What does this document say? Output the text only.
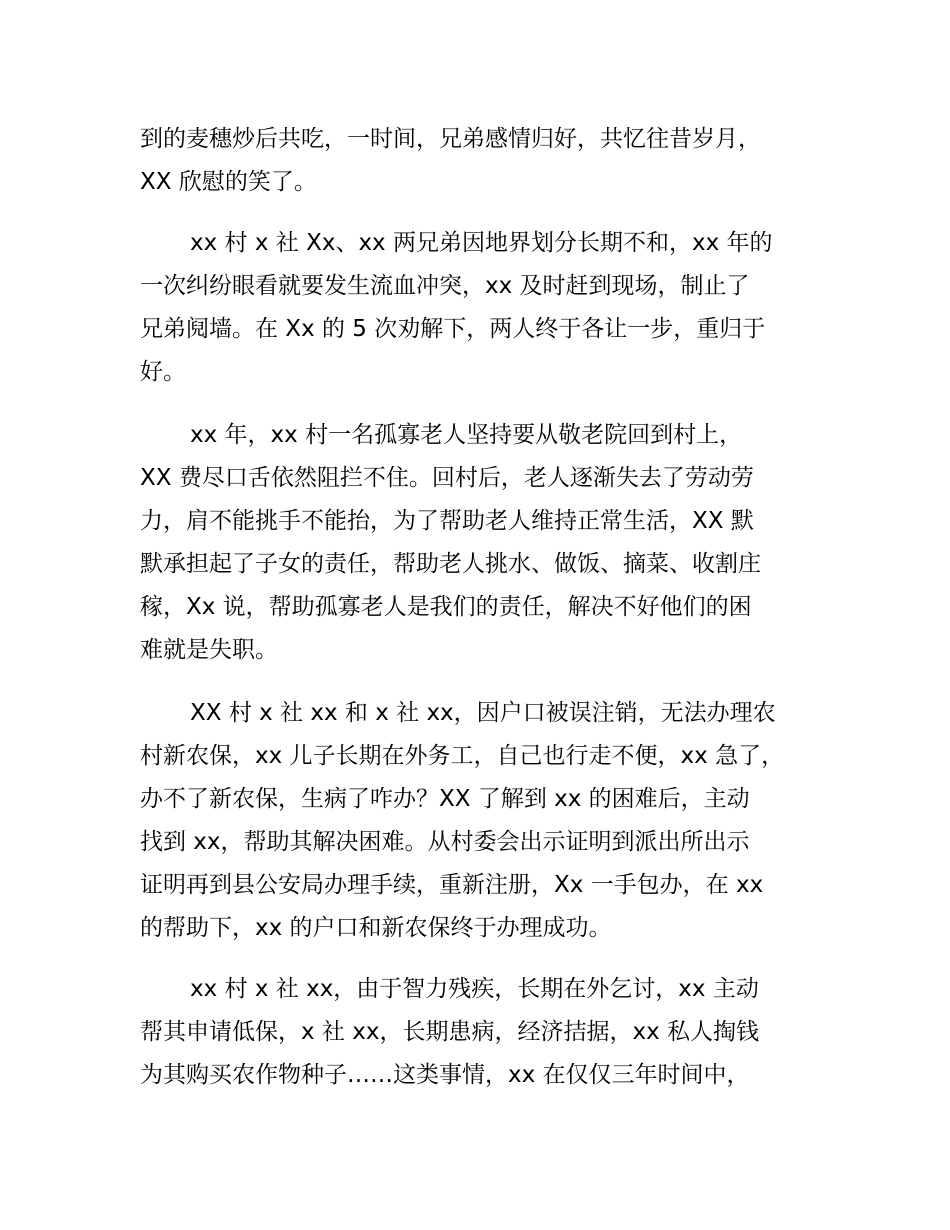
到的麦穗炒后共吃，一时间，兄弟感情归好，共忆往昔岁月，
XX 欣慰的笑了。
xx 村 x 社 Xx、xx 两兄弟因地界划分长期不和，xx 年的
一次纠纷眼看就要发生流血冲突，xx 及时赶到现场，制止了
兄弟阋墙。在 Xx 的 5 次劝解下，两人终于各让一步，重归于
好。
xx 年，xx 村一名孤寡老人坚持要从敬老院回到村上，
XX 费尽口舌依然阻拦不住。回村后，老人逐渐失去了劳动劳
力，肩不能挑手不能抬，为了帮助老人维持正常生活，XX 默
默承担起了子女的责任，帮助老人挑水、做饭、摘菜、收割庄
稼，Xx 说，帮助孤寡老人是我们的责任，解决不好他们的困
难就是失职。
XX 村 x 社 xx 和 x 社 xx，因户口被误注销，无法办理农
村新农保，xx 儿子长期在外务工，自己也行走不便，xx 急了，
办不了新农保，生病了咋办？XX 了解到 xx 的困难后，主动
找到 xx，帮助其解决困难。从村委会出示证明到派出所出示
证明再到县公安局办理手续，重新注册，Xx 一手包办，在 xx
的帮助下，xx 的户口和新农保终于办理成功。
xx 村 x 社 xx，由于智力残疾，长期在外乞讨，xx 主动
帮其申请低保，x 社 xx，长期患病，经济拮据，xx 私人掏钱
为其购买农作物种子……这类事情，xx 在仅仅三年时间中，
